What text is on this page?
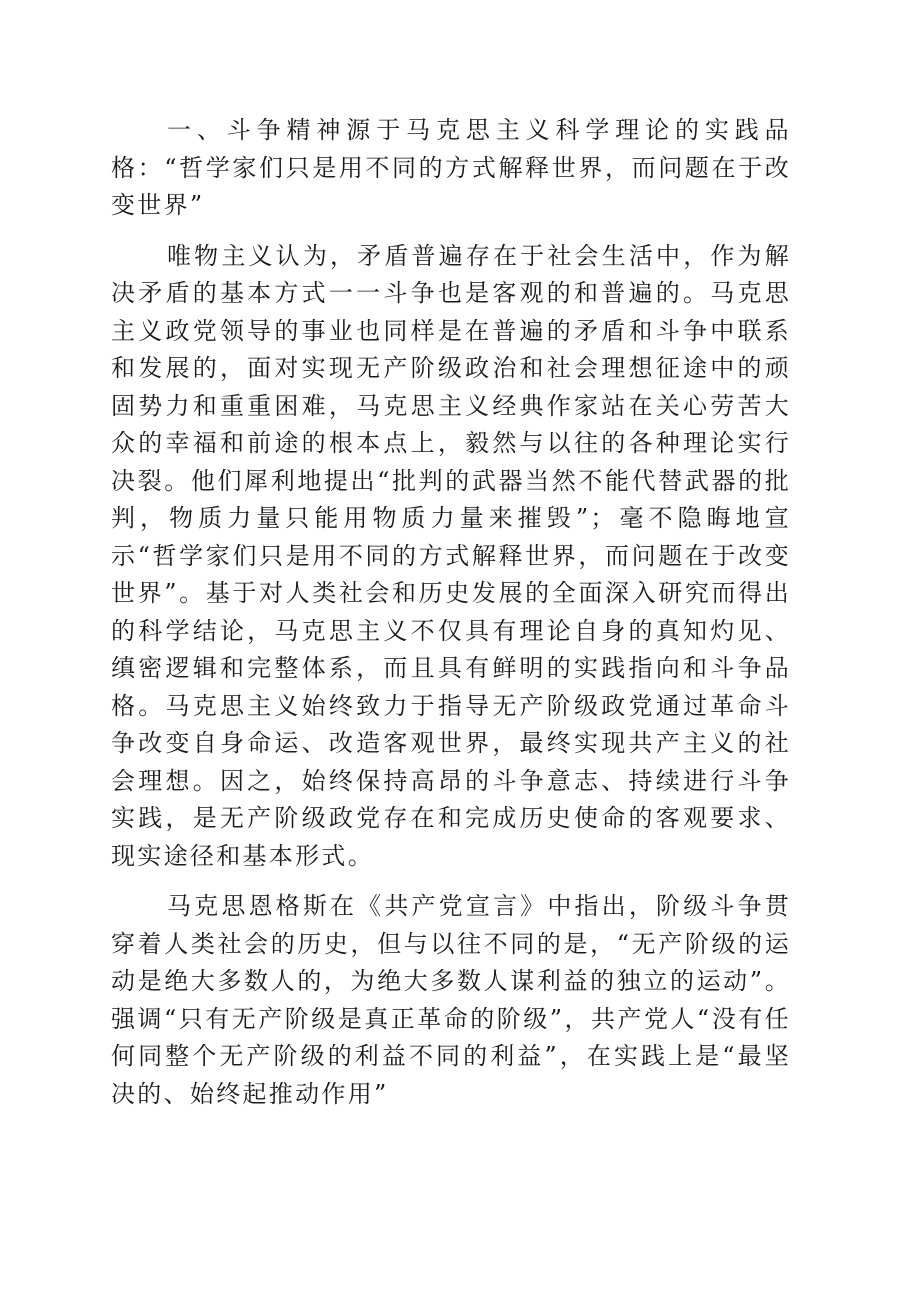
一、斗争精神源于马克思主义科学理论的实践品格：“哲学家们只是用不同的方式解释世界，而问题在于改变世界”

唯物主义认为，矛盾普遍存在于社会生活中，作为解决矛盾的基本方式一一斗争也是客观的和普遍的。马克思主义政党领导的事业也同样是在普遍的矛盾和斗争中联系和发展的，面对实现无产阶级政治和社会理想征途中的顽固势力和重重困难，马克思主义经典作家站在关心劳苦大众的幸福和前途的根本点上，毅然与以往的各种理论实行决裂。他们犀利地提出“批判的武器当然不能代替武器的批判，物质力量只能用物质力量来摧毁”；毫不隐晦地宣示“哲学家们只是用不同的方式解释世界，而问题在于改变世界”。基于对人类社会和历史发展的全面深入研究而得出的科学结论，马克思主义不仅具有理论自身的真知灼见、缜密逻辑和完整体系，而且具有鲜明的实践指向和斗争品格。马克思主义始终致力于指导无产阶级政党通过革命斗争改变自身命运、改造客观世界，最终实现共产主义的社会理想。因之，始终保持高昂的斗争意志、持续进行斗争实践，是无产阶级政党存在和完成历史使命的客观要求、现实途径和基本形式。

马克思恩格斯在《共产党宣言》中指出，阶级斗争贯穿着人类社会的历史，但与以往不同的是，“无产阶级的运动是绝大多数人的，为绝大多数人谋利益的独立的运动”。强调“只有无产阶级是真正革命的阶级”，共产党人“没有任何同整个无产阶级的利益不同的利益”，在实践上是“最坚决的、始终起推动作用”
